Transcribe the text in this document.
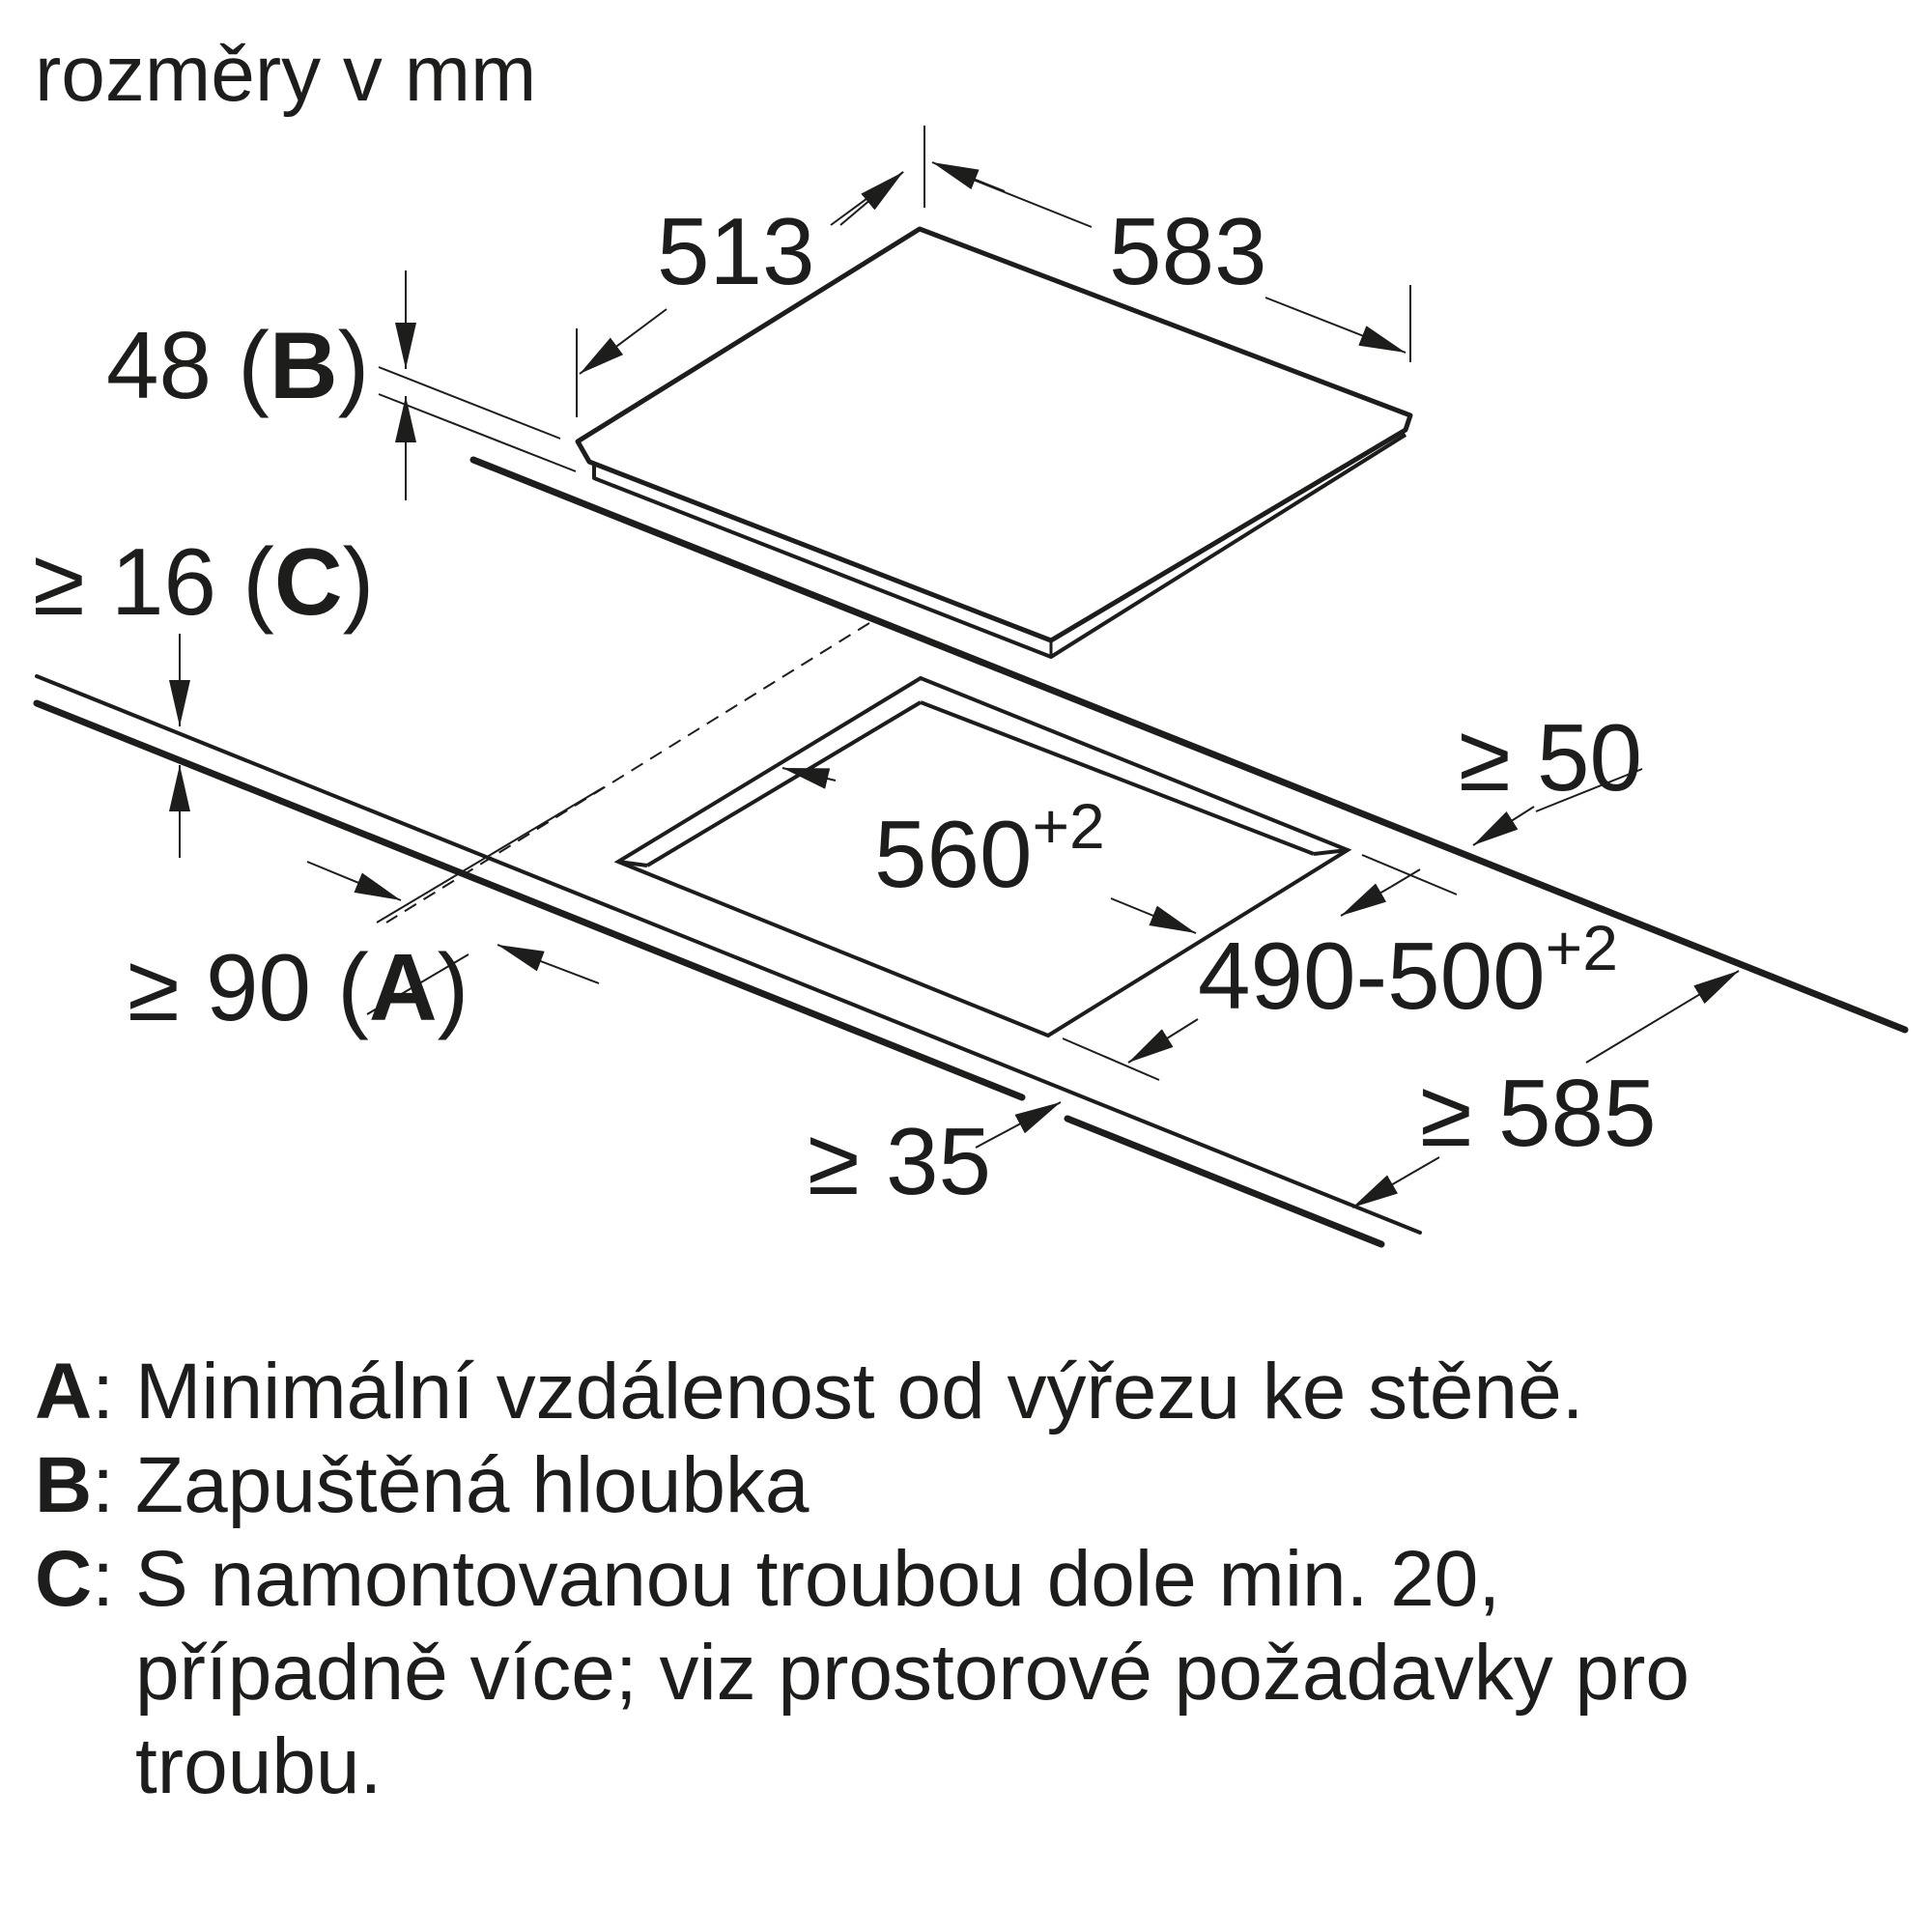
rozměry v mm
513	583
48 (B)
≥ 16 (C)
≥ 50
$560^{+2}$
$490-500^{+2}$
≥ 90 (A)
≥ 585
≥ 35
A : Minimální vzdálenost od výřezu ke stěně.
B : Zapuštěná hloubka
C : S namontovanou troubou dole min. 20, případně více; viz prostorové požadavky pro troubu.
